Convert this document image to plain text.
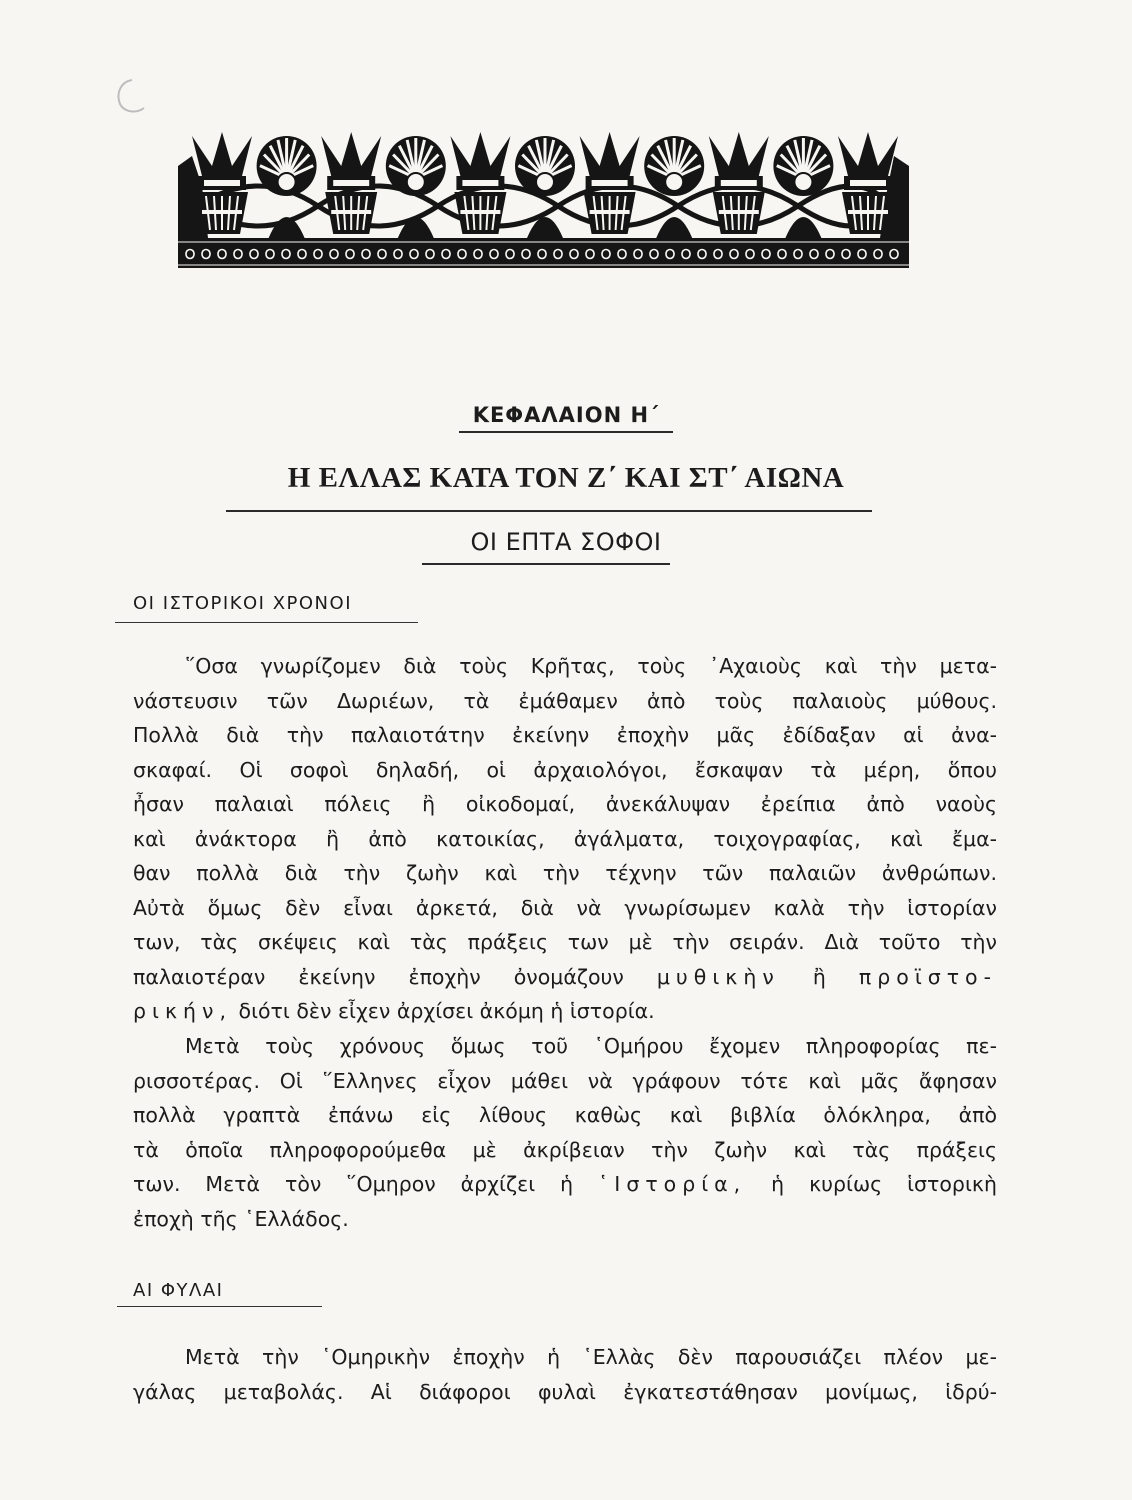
ΚΕΦΑΛΑΙΟΝ Η΄
Η ΕΛΛΑΣ ΚΑΤΑ ΤΟΝ Ζ΄ ΚΑΙ ΣΤ΄ ΑΙΩΝΑ
ΟΙ ΕΠΤΑ ΣΟΦΟΙ
ΟΙ ΙΣΤΟΡΙΚΟΙ ΧΡΟΝΟΙ
῞Οσα γνωρίζομεν διὰ τοὺς Κρῆτας, τοὺς ᾿Αχαιοὺς καὶ τὴν μετα-
νάστευσιν τῶν Δωριέων, τὰ ἐμάθαμεν ἀπὸ τοὺς παλαιοὺς μύθους.
Πολλὰ διὰ τὴν παλαιοτάτην ἐκείνην ἐποχὴν μᾶς ἐδίδαξαν αἱ ἀνα-
σκαφαί. Οἱ σοφοὶ δηλαδή, οἱ ἀρχαιολόγοι, ἔσκαψαν τὰ μέρη, ὅπου
ἦσαν παλαιαὶ πόλεις ἢ οἰκοδομαί, ἀνεκάλυψαν ἐρείπια ἀπὸ ναοὺς
καὶ ἀνάκτορα ἢ ἀπὸ κατοικίας, ἀγάλματα, τοιχογραφίας, καὶ ἔμα-
θαν πολλὰ διὰ τὴν ζωὴν καὶ τὴν τέχνην τῶν παλαιῶν ἀνθρώπων.
Αὐτὰ ὅμως δὲν εἶναι ἀρκετά, διὰ νὰ γνωρίσωμεν καλὰ τὴν ἱστορίαν
των, τὰς σκέψεις καὶ τὰς πράξεις των μὲ τὴν σειράν. Διὰ τοῦτο τὴν
παλαιοτέραν ἐκείνην ἐποχὴν ὀνομάζουν μυθικὴν ἢ προϊστο-
ρικήν, διότι δὲν εἶχεν ἀρχίσει ἀκόμη ἡ ἱστορία.
Μετὰ τοὺς χρόνους ὅμως τοῦ ῾Ομήρου ἔχομεν πληροφορίας πε-
ρισσοτέρας. Οἱ ῞Ελληνες εἶχον μάθει νὰ γράφουν τότε καὶ μᾶς ἄφησαν
πολλὰ γραπτὰ ἐπάνω εἰς λίθους καθὼς καὶ βιβλία ὁλόκληρα, ἀπὸ
τὰ ὁποῖα πληροφορούμεθα μὲ ἀκρίβειαν τὴν ζωὴν καὶ τὰς πράξεις
των. Μετὰ τὸν ῞Ομηρον ἀρχίζει ἡ ῾Ιστορία, ἡ κυρίως ἱστορικὴ
ἐποχὴ τῆς ῾Ελλάδος.
ΑΙ ΦΥΛΑΙ
Μετὰ τὴν ῾Ομηρικὴν ἐποχὴν ἡ ῾Ελλὰς δὲν παρουσιάζει πλέον με-
γάλας μεταβολάς. Αἱ διάφοροι φυλαὶ ἐγκατεστάθησαν μονίμως, ἱδρύ-
